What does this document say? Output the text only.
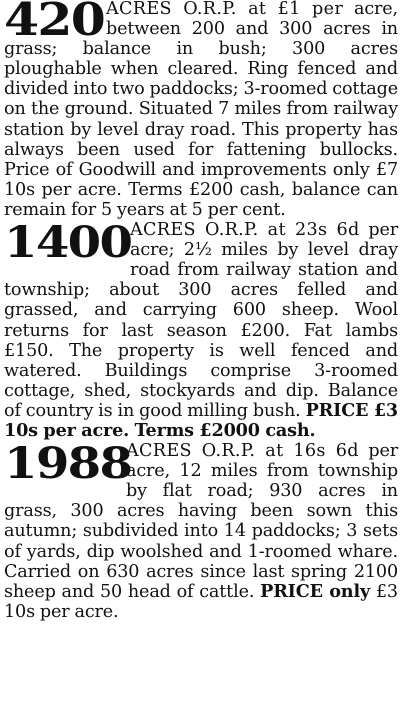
420 ACRES O.R.P. at £1 per acre, between 200 and 300 acres in grass; balance in bush; 300 acres ploughable when cleared. Ring fenced and divided into two paddocks; 3-roomed cottage on the ground. Situated 7 miles from railway station by level dray road. This property has always been used for fattening bullocks. Price of Goodwill and improvements only £7 10s per acre. Terms £200 cash, balance can remain for 5 years at 5 per cent.

1400
ACRES O.R.P. at 23s 6d per acre; 2½ miles by level dray road from railway station and township; about 300 acres felled and grassed, and carrying 600 sheep. Wool returns for last season £200. Fat lambs £150. The property is well fenced and watered. Buildings comprise 3-roomed cottage, shed, stockyards and dip. Balance of country is in good milling bush. PRICE £3 10s per acre. Terms £2000 cash.

1988
ACRES O.R.P. at 16s 6d per acre, 12 miles from township by flat road; 930 acres in grass, 300 acres having been sown this autumn; subdivided into 14 paddocks; 3 sets of yards, dip woolshed and 1-roomed whare. Carried on 630 acres since last spring 2100 sheep and 50 head of cattle. PRICE only £3 10s per acre.
